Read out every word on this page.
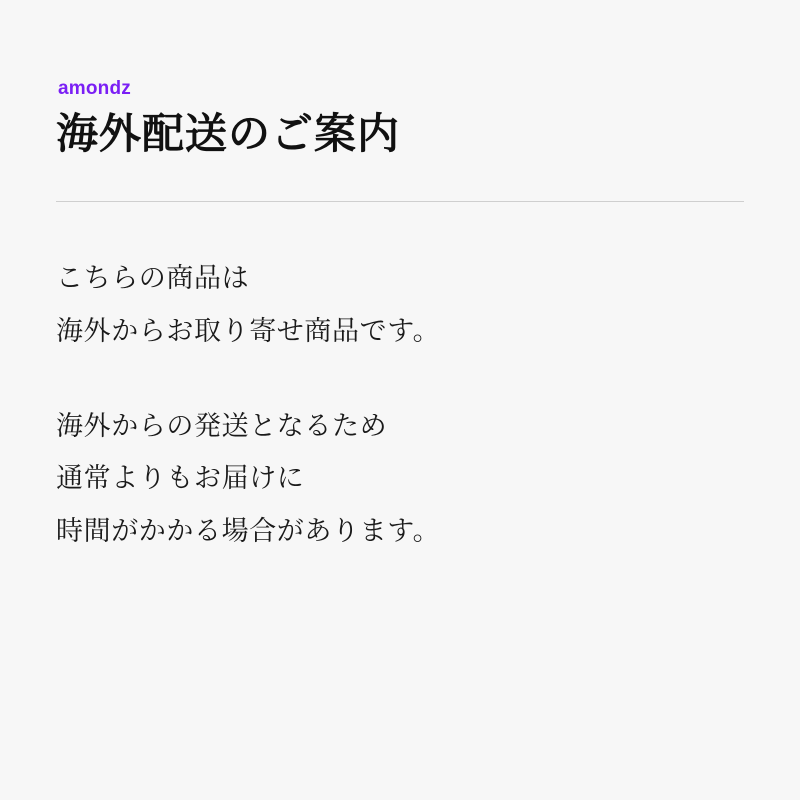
amondz
海外配送のご案内
こちらの商品は
海外からお取り寄せ商品です。
海外からの発送となるため
通常よりもお届けに
時間がかかる場合があります。
